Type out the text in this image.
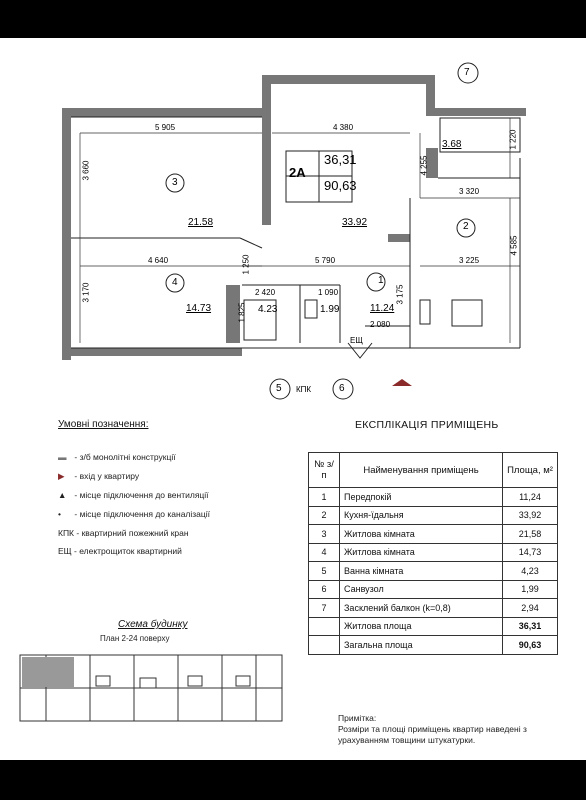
2A
36,31
90,63
1
2
3
4
11.24
33.92
21.58
14.73	4.23	1.99
3.68
5 905	4 380
3 660	4 255
1 220
3 320
4 640	5 790	3 225
4 585
3 170
1 250
2 420	1 090
1 825
2 080
3 175
КПК
ЕЩ
5	6
7
Умовні позначення:
▬ - з/б монолітні конструкції
▶ - вхід у квартиру
▲ - місце підключення до вентиляції
• - місце підключення до каналізації
КПК - квартирний пожежний кран
ЕЩ - електрощиток квартирний
ЕКСПЛІКАЦІЯ ПРИМІЩЕНЬ
№ з/п	Найменування приміщень	Площа, м²
1	Передпокій	11,24
2	Кухня-їдальня	33,92
3	Житлова кімната	21,58
4	Житлова кімната	14,73
5	Ванна кімната	4,23
6	Санвузол	1,99
7	Засклений балкон (k=0,8)	2,94
	Житлова площа	36,31
	Загальна площа	90,63
Примітка:
Розміри та площі приміщень квартир наведені з
урахуванням товщини штукатурки.
Схема будинку
План 2-24 поверху
